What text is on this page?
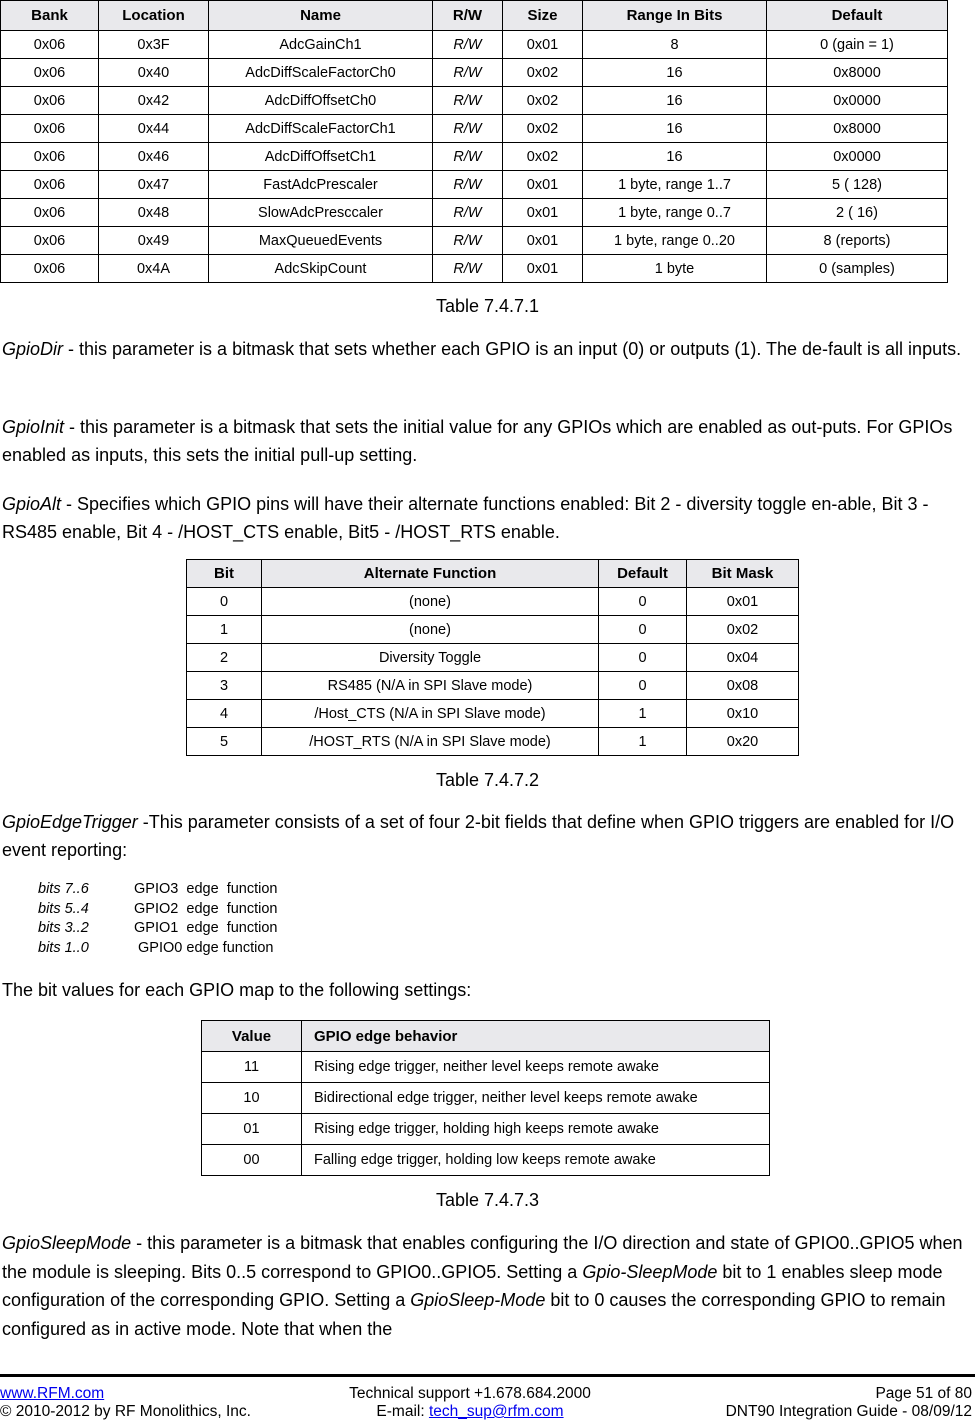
Bank	Location	Name	R/W	Size	Range In Bits	Default
0x06	0x3F	AdcGainCh1	R/W	0x01	8	0 (gain = 1)
0x06	0x40	AdcDiffScaleFactorCh0	R/W	0x02	16	0x8000
0x06	0x42	AdcDiffOffsetCh0	R/W	0x02	16	0x0000
0x06	0x44	AdcDiffScaleFactorCh1	R/W	0x02	16	0x8000
0x06	0x46	AdcDiffOffsetCh1	R/W	0x02	16	0x0000
0x06	0x47	FastAdcPrescaler	R/W	0x01	1 byte, range 1..7	5 ( 128)
0x06	0x48	SlowAdcPresccaler	R/W	0x01	1 byte, range 0..7	2 ( 16)
0x06	0x49	MaxQueuedEvents	R/W	0x01	1 byte, range 0..20	8 (reports)
0x06	0x4A	AdcSkipCount	R/W	0x01	1 byte	0 (samples)
Table 7.4.7.1
GpioDir - this parameter is a bitmask that sets whether each GPIO is an input (0) or outputs (1). The de-fault is all inputs.
GpioInit - this parameter is a bitmask that sets the initial value for any GPIOs which are enabled as out-puts. For GPIOs enabled as inputs, this sets the initial pull-up setting.
GpioAlt - Specifies which GPIO pins will have their alternate functions enabled: Bit 2 - diversity toggle en-able, Bit 3 - RS485 enable, Bit 4 - /HOST_CTS enable, Bit5 - /HOST_RTS enable.
Bit	Alternate Function	Default	Bit Mask
0	(none)	0	0x01
1	(none)	0	0x02
2	Diversity Toggle	0	0x04
3	RS485 (N/A in SPI Slave mode)	0	0x08
4	/Host_CTS (N/A in SPI Slave mode)	1	0x10
5	/HOST_RTS (N/A in SPI Slave mode)	1	0x20
Table 7.4.7.2
GpioEdgeTrigger -This parameter consists of a set of four 2-bit fields that define when GPIO triggers are enabled for I/O event reporting:
bits 7..6	GPIO3  edge  function
bits 5..4	GPIO2  edge  function
bits 3..2	GPIO1  edge  function
bits 1..0	GPIO0 edge function
The bit values for each GPIO map to the following settings:
Value	GPIO edge behavior
11	Rising edge trigger, neither level keeps remote awake
10	Bidirectional edge trigger, neither level keeps remote awake
01	Rising edge trigger, holding high keeps remote awake
00	Falling edge trigger, holding low keeps remote awake
Table 7.4.7.3
GpioSleepMode - this parameter is a bitmask that enables configuring the I/O direction and state of GPIO0..GPIO5 when the module is sleeping. Bits 0..5 correspond to GPIO0..GPIO5. Setting a Gpio-SleepMode bit to 1 enables sleep mode configuration of the corresponding GPIO. Setting a GpioSleep-Mode bit to 0 causes the corresponding GPIO to remain configured as in active mode. Note that when the
www.RFM.com
© 2010-2012 by RF Monolithics, Inc.
Technical support +1.678.684.2000
E-mail: tech_sup@rfm.com
Page 51 of 80
DNT90 Integration Guide - 08/09/12
